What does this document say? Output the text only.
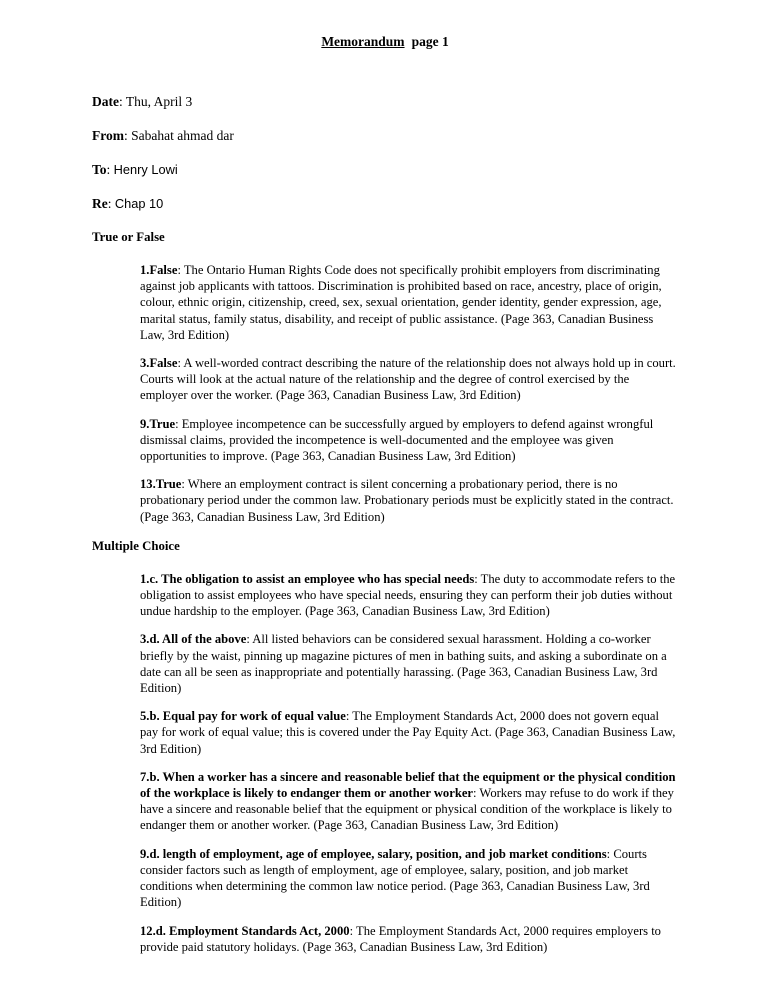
Memorandum page 1

Date: Thu, April 3

From: Sabahat ahmad dar

To: Henry Lowi

Re: Chap 10

True or False

1.False: The Ontario Human Rights Code does not specifically prohibit employers from discriminating against job applicants with tattoos. Discrimination is prohibited based on race, ancestry, place of origin, colour, ethnic origin, citizenship, creed, sex, sexual orientation, gender identity, gender expression, age, marital status, family status, disability, and receipt of public assistance. (Page 363, Canadian Business Law, 3rd Edition)

3.False: A well-worded contract describing the nature of the relationship does not always hold up in court. Courts will look at the actual nature of the relationship and the degree of control exercised by the employer over the worker. (Page 363, Canadian Business Law, 3rd Edition)

9.True: Employee incompetence can be successfully argued by employers to defend against wrongful dismissal claims, provided the incompetence is well-documented and the employee was given opportunities to improve. (Page 363, Canadian Business Law, 3rd Edition)

13.True: Where an employment contract is silent concerning a probationary period, there is no probationary period under the common law. Probationary periods must be explicitly stated in the contract. (Page 363, Canadian Business Law, 3rd Edition)

Multiple Choice

1.c. The obligation to assist an employee who has special needs: The duty to accommodate refers to the obligation to assist employees who have special needs, ensuring they can perform their job duties without undue hardship to the employer. (Page 363, Canadian Business Law, 3rd Edition)

3.d. All of the above: All listed behaviors can be considered sexual harassment. Holding a co-worker briefly by the waist, pinning up magazine pictures of men in bathing suits, and asking a subordinate on a date can all be seen as inappropriate and potentially harassing. (Page 363, Canadian Business Law, 3rd Edition)

5.b. Equal pay for work of equal value: The Employment Standards Act, 2000 does not govern equal pay for work of equal value; this is covered under the Pay Equity Act. (Page 363, Canadian Business Law, 3rd Edition)

7.b. When a worker has a sincere and reasonable belief that the equipment or the physical condition of the workplace is likely to endanger them or another worker: Workers may refuse to do work if they have a sincere and reasonable belief that the equipment or physical condition of the workplace is likely to endanger them or another worker. (Page 363, Canadian Business Law, 3rd Edition)

9.d. length of employment, age of employee, salary, position, and job market conditions: Courts consider factors such as length of employment, age of employee, salary, position, and job market conditions when determining the common law notice period. (Page 363, Canadian Business Law, 3rd Edition)

12.d. Employment Standards Act, 2000: The Employment Standards Act, 2000 requires employers to provide paid statutory holidays. (Page 363, Canadian Business Law, 3rd Edition)
